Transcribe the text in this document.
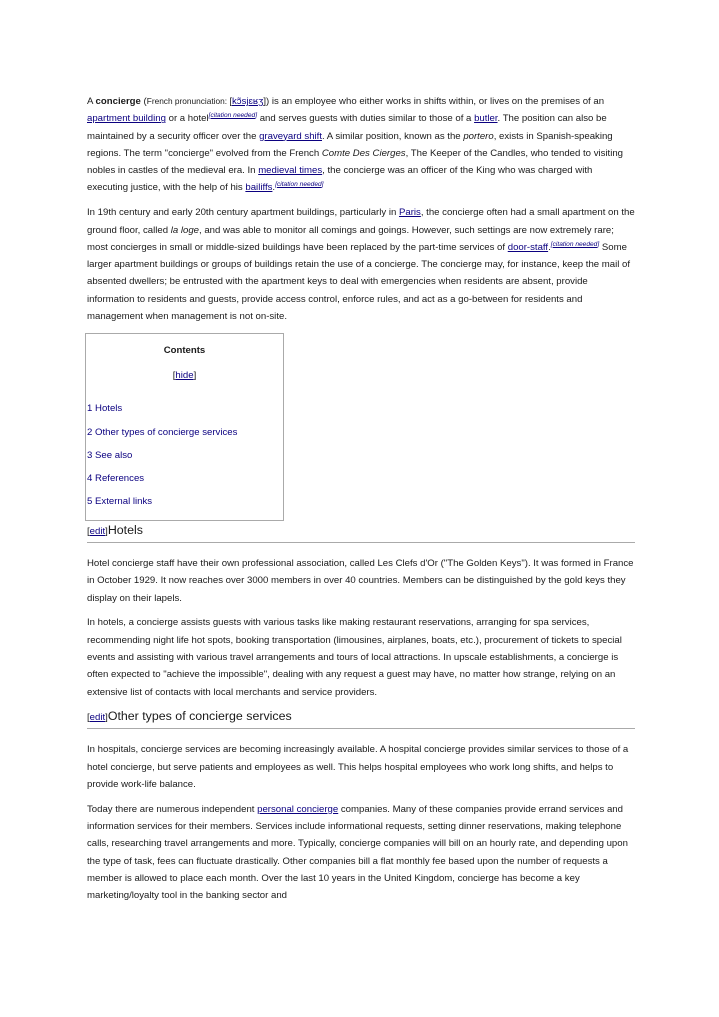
A concierge (French pronunciation: [kɔ̃sjɛʁʒ]) is an employee who either works in shifts within, or lives on the premises of an apartment building or a hotel[citation needed] and serves guests with duties similar to those of a butler. The position can also be maintained by a security officer over the graveyard shift. A similar position, known as the portero, exists in Spanish-speaking regions. The term "concierge" evolved from the French Comte Des Cierges, The Keeper of the Candles, who tended to visiting nobles in castles of the medieval era. In medieval times, the concierge was an officer of the King who was charged with executing justice, with the help of his bailiffs.[citation needed]

In 19th century and early 20th century apartment buildings, particularly in Paris, the concierge often had a small apartment on the ground floor, called la loge, and was able to monitor all comings and goings. However, such settings are now extremely rare; most concierges in small or middle-sized buildings have been replaced by the part-time services of door-staff.[citation needed] Some larger apartment buildings or groups of buildings retain the use of a concierge. The concierge may, for instance, keep the mail of absented dwellers; be entrusted with the apartment keys to deal with emergencies when residents are absent, provide information to residents and guests, provide access control, enforce rules, and act as a go-between for residents and management when management is not on-site.

Contents
[hide]
1 Hotels
2 Other types of concierge services
3 See also
4 References
5 External links
[edit]Hotels

Hotel concierge staff have their own professional association, called Les Clefs d'Or ("The Golden Keys"). It was formed in France in October 1929. It now reaches over 3000 members in over 40 countries. Members can be distinguished by the gold keys they display on their lapels.

In hotels, a concierge assists guests with various tasks like making restaurant reservations, arranging for spa services, recommending night life hot spots, booking transportation (limousines, airplanes, boats, etc.), procurement of tickets to special events and assisting with various travel arrangements and tours of local attractions. In upscale establishments, a concierge is often expected to "achieve the impossible", dealing with any request a guest may have, no matter how strange, relying on an extensive list of contacts with local merchants and service providers.

[edit]Other types of concierge services

In hospitals, concierge services are becoming increasingly available. A hospital concierge provides similar services to those of a hotel concierge, but serve patients and employees as well. This helps hospital employees who work long shifts, and helps to provide work-life balance.

Today there are numerous independent personal concierge companies. Many of these companies provide errand services and information services for their members. Services include informational requests, setting dinner reservations, making telephone calls, researching travel arrangements and more. Typically, concierge companies will bill on an hourly rate, and depending upon the type of task, fees can fluctuate drastically. Other companies bill a flat monthly fee based upon the number of requests a member is allowed to place each month. Over the last 10 years in the United Kingdom, concierge has become a key marketing/loyalty tool in the banking sector and
